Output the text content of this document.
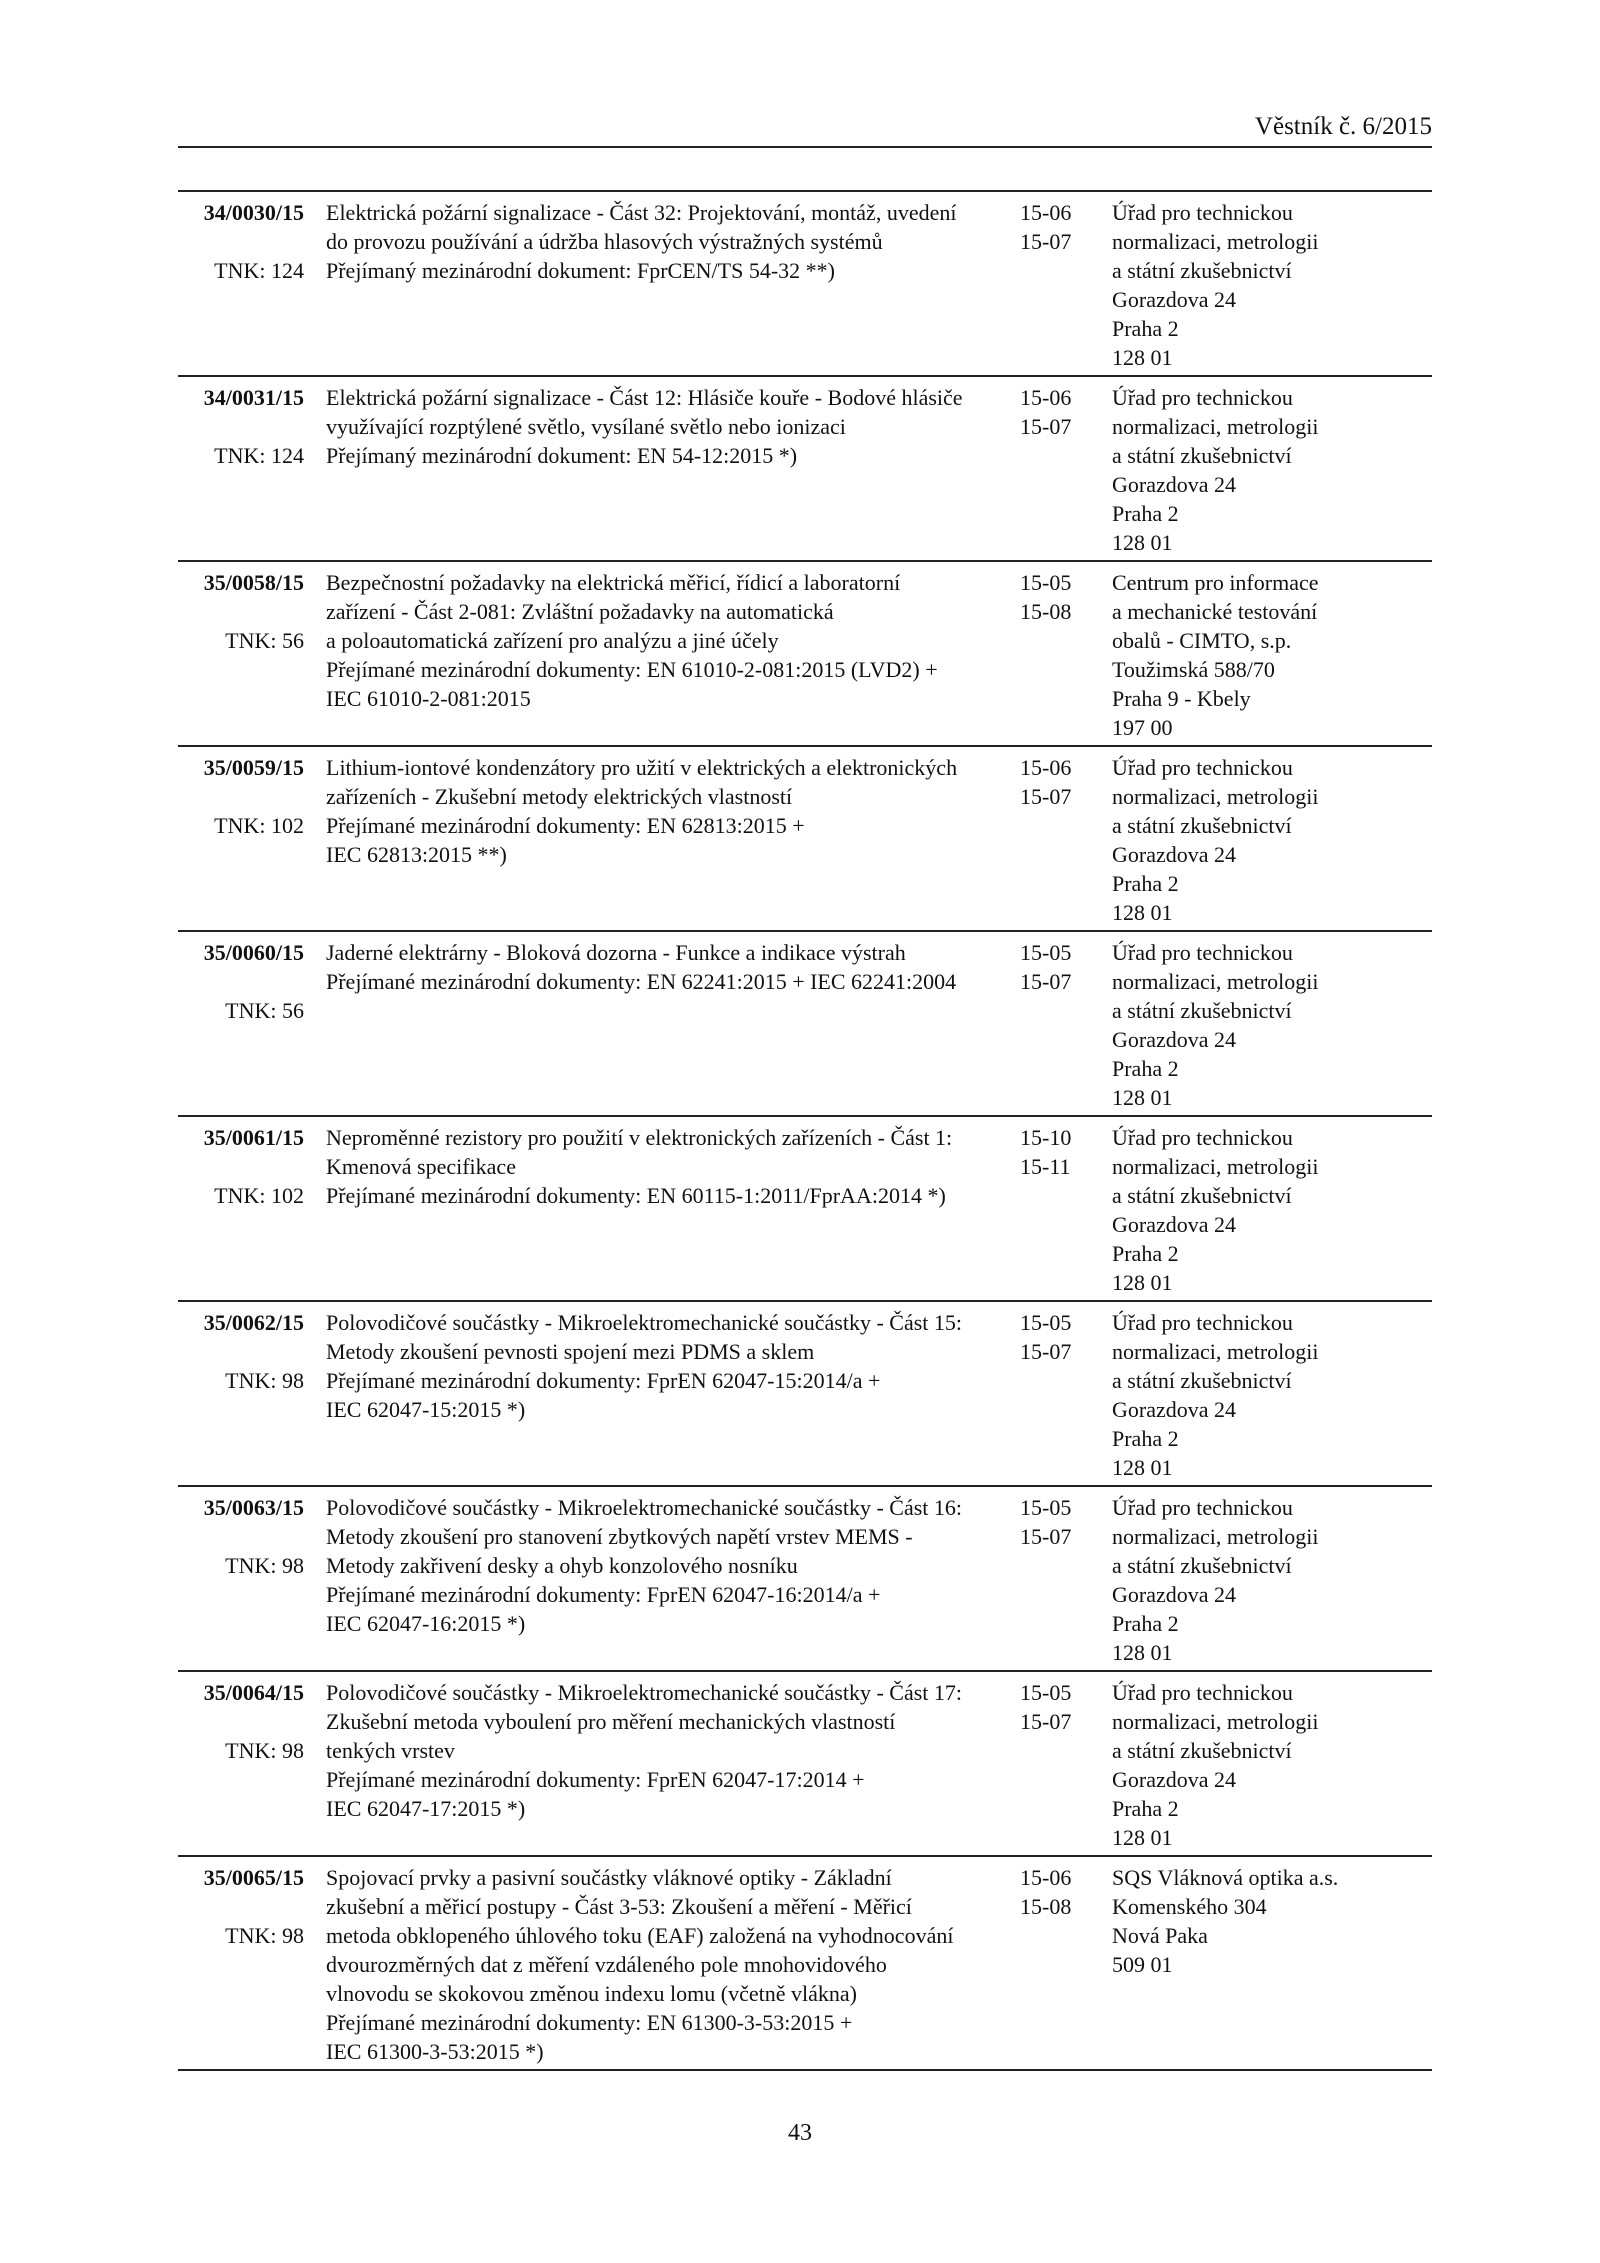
Věstník č. 6/2015
34/0030/15
TNK: 124
Elektrická požární signalizace - Část 32: Projektování, montáž, uvedení
do provozu používání a údržba hlasových výstražných systémů
Přejímaný mezinárodní dokument: FprCEN/TS 54-32 **)
15-06
15-07
Úřad pro technickou
normalizaci, metrologii
a státní zkušebnictví
Gorazdova 24
Praha 2
128 01
34/0031/15
TNK: 124
Elektrická požární signalizace - Část 12: Hlásiče kouře - Bodové hlásiče
využívající rozptýlené světlo, vysílané světlo nebo ionizaci
Přejímaný mezinárodní dokument: EN 54-12:2015 *)
15-06
15-07
Úřad pro technickou
normalizaci, metrologii
a státní zkušebnictví
Gorazdova 24
Praha 2
128 01
35/0058/15
TNK: 56
Bezpečnostní požadavky na elektrická měřicí, řídicí a laboratorní
zařízení - Část 2-081: Zvláštní požadavky na automatická
a poloautomatická zařízení pro analýzu a jiné účely
Přejímané mezinárodní dokumenty: EN 61010-2-081:2015 (LVD2) +
IEC 61010-2-081:2015
15-05
15-08
Centrum pro informace
a mechanické testování
obalů - CIMTO, s.p.
Toužimská 588/70
Praha 9 - Kbely
197 00
35/0059/15
TNK: 102
Lithium-iontové kondenzátory pro užití v elektrických a elektronických
zařízeních - Zkušební metody elektrických vlastností
Přejímané mezinárodní dokumenty: EN 62813:2015 +
IEC 62813:2015 **)
15-06
15-07
Úřad pro technickou
normalizaci, metrologii
a státní zkušebnictví
Gorazdova 24
Praha 2
128 01
35/0060/15
TNK: 56
Jaderné elektrárny - Bloková dozorna - Funkce a indikace výstrah
Přejímané mezinárodní dokumenty: EN 62241:2015 + IEC 62241:2004
15-05
15-07
Úřad pro technickou
normalizaci, metrologii
a státní zkušebnictví
Gorazdova 24
Praha 2
128 01
35/0061/15
TNK: 102
Neproměnné rezistory pro použití v elektronických zařízeních - Část 1:
Kmenová specifikace
Přejímané mezinárodní dokumenty: EN 60115-1:2011/FprAA:2014 *)
15-10
15-11
Úřad pro technickou
normalizaci, metrologii
a státní zkušebnictví
Gorazdova 24
Praha 2
128 01
35/0062/15
TNK: 98
Polovodičové součástky - Mikroelektromechanické součástky - Část 15:
Metody zkoušení pevnosti spojení mezi PDMS a sklem
Přejímané mezinárodní dokumenty: FprEN 62047-15:2014/a +
IEC 62047-15:2015 *)
15-05
15-07
Úřad pro technickou
normalizaci, metrologii
a státní zkušebnictví
Gorazdova 24
Praha 2
128 01
35/0063/15
TNK: 98
Polovodičové součástky - Mikroelektromechanické součástky - Část 16:
Metody zkoušení pro stanovení zbytkových napětí vrstev MEMS -
Metody zakřivení desky a ohyb konzolového nosníku
Přejímané mezinárodní dokumenty: FprEN 62047-16:2014/a +
IEC 62047-16:2015 *)
15-05
15-07
Úřad pro technickou
normalizaci, metrologii
a státní zkušebnictví
Gorazdova 24
Praha 2
128 01
35/0064/15
TNK: 98
Polovodičové součástky - Mikroelektromechanické součástky - Část 17:
Zkušební metoda vyboulení pro měření mechanických vlastností
tenkých vrstev
Přejímané mezinárodní dokumenty: FprEN 62047-17:2014 +
IEC 62047-17:2015 *)
15-05
15-07
Úřad pro technickou
normalizaci, metrologii
a státní zkušebnictví
Gorazdova 24
Praha 2
128 01
35/0065/15
TNK: 98
Spojovací prvky a pasivní součástky vláknové optiky - Základní
zkušební a měřicí postupy - Část 3-53: Zkoušení a měření - Měřicí
metoda obklopeného úhlového toku (EAF) založená na vyhodnocování
dvourozměrných dat z měření vzdáleného pole mnohovidového
vlnovodu se skokovou změnou indexu lomu (včetně vlákna)
Přejímané mezinárodní dokumenty: EN 61300-3-53:2015 +
IEC 61300-3-53:2015 *)
15-06
15-08
SQS Vláknová optika a.s.
Komenského 304
Nová Paka
509 01
43
